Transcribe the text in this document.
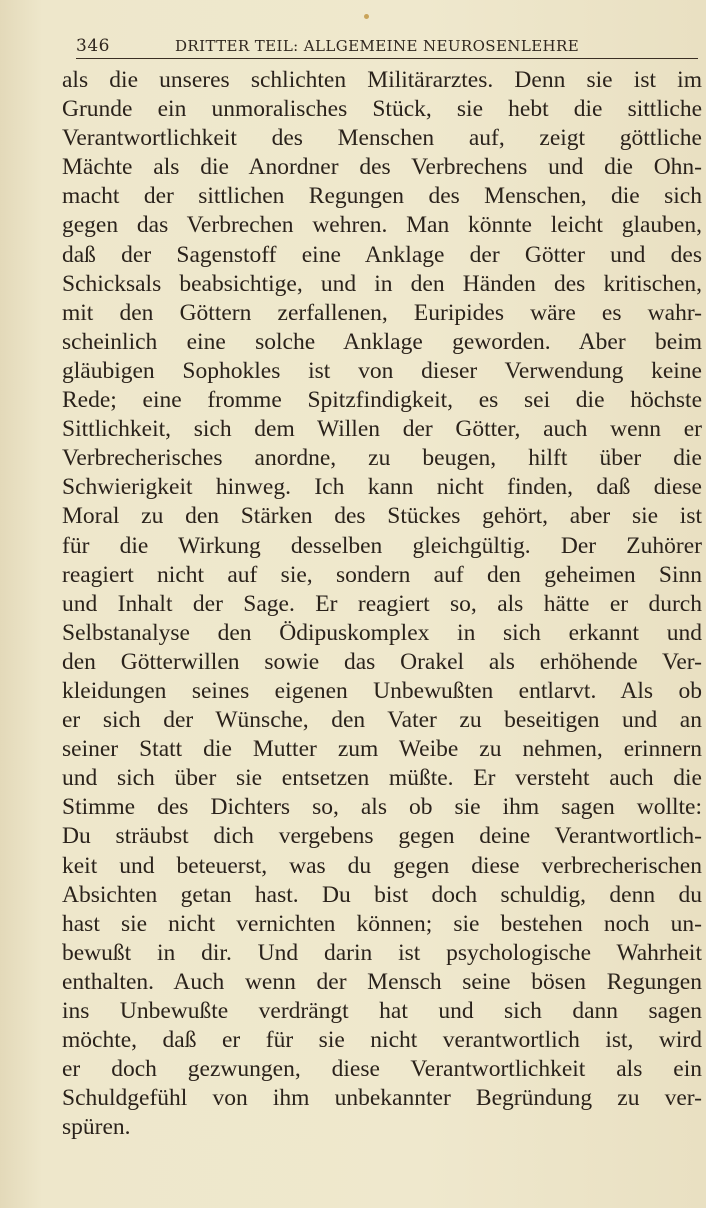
346	DRITTER TEIL: ALLGEMEINE NEUROSENLEHRE
als die unseres schlichten Militärarztes. Denn sie ist im
Grunde ein unmoralisches Stück, sie hebt die sittliche
Verantwortlichkeit des Menschen auf, zeigt göttliche
Mächte als die Anordner des Verbrechens und die Ohn-
macht der sittlichen Regungen des Menschen, die sich
gegen das Verbrechen wehren. Man könnte leicht glauben,
daß der Sagenstoff eine Anklage der Götter und des
Schicksals beabsichtige, und in den Händen des kritischen,
mit den Göttern zerfallenen, Euripides wäre es wahr-
scheinlich eine solche Anklage geworden. Aber beim
gläubigen Sophokles ist von dieser Verwendung keine
Rede; eine fromme Spitzfindigkeit, es sei die höchste
Sittlichkeit, sich dem Willen der Götter, auch wenn er
Verbrecherisches anordne, zu beugen, hilft über die
Schwierigkeit hinweg. Ich kann nicht finden, daß diese
Moral zu den Stärken des Stückes gehört, aber sie ist
für die Wirkung desselben gleichgültig. Der Zuhörer
reagiert nicht auf sie, sondern auf den geheimen Sinn
und Inhalt der Sage. Er reagiert so, als hätte er durch
Selbstanalyse den Ödipuskomplex in sich erkannt und
den Götterwillen sowie das Orakel als erhöhende Ver-
kleidungen seines eigenen Unbewußten entlarvt. Als ob
er sich der Wünsche, den Vater zu beseitigen und an
seiner Statt die Mutter zum Weibe zu nehmen, erinnern
und sich über sie entsetzen müßte. Er versteht auch die
Stimme des Dichters so, als ob sie ihm sagen wollte:
Du sträubst dich vergebens gegen deine Verantwortlich-
keit und beteuerst, was du gegen diese verbrecherischen
Absichten getan hast. Du bist doch schuldig, denn du
hast sie nicht vernichten können; sie bestehen noch un-
bewußt in dir. Und darin ist psychologische Wahrheit
enthalten. Auch wenn der Mensch seine bösen Regungen
ins Unbewußte verdrängt hat und sich dann sagen
möchte, daß er für sie nicht verantwortlich ist, wird
er doch gezwungen, diese Verantwortlichkeit als ein
Schuldgefühl von ihm unbekannter Begründung zu ver-
spüren.
